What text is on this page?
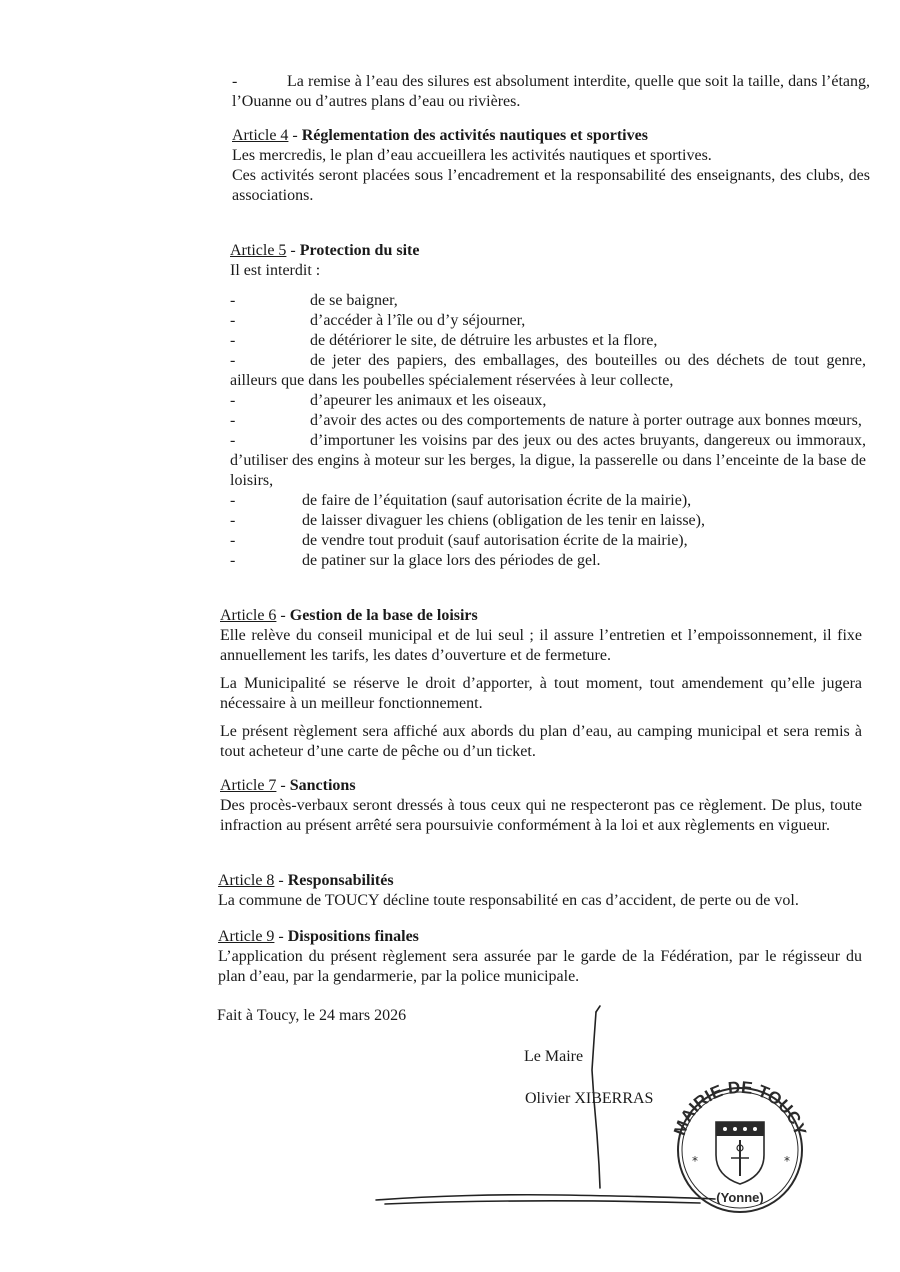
-	La remise à l’eau des silures est absolument interdite, quelle que soit la taille, dans l’étang, l’Ouanne ou d’autres plans d’eau ou rivières.

Article 4 - Réglementation des activités nautiques et sportives

Les mercredis, le plan d’eau accueillera les activités nautiques et sportives.

Ces activités seront placées sous l’encadrement et la responsabilité des enseignants, des clubs, des associations.

Article 5 - Protection du site

Il est interdit :

-	de se baigner,
-	d’accéder à l’île ou d’y séjourner,
-	de détériorer le site, de détruire les arbustes et la flore,

-	de jeter des papiers, des emballages, des bouteilles ou des déchets de tout genre, ailleurs que dans les poubelles spécialement réservées à leur collecte,

-	d’apeurer les animaux et les oiseaux,

-	d’avoir des actes ou des comportements de nature à porter outrage aux bonnes mœurs,

-	d’importuner les voisins par des jeux ou des actes bruyants, dangereux ou immoraux, d’utiliser des engins à moteur sur les berges, la digue, la passerelle ou dans l’enceinte de la base de loisirs,

-	de faire de l’équitation (sauf autorisation écrite de la mairie),
-	de laisser divaguer les chiens (obligation de les tenir en laisse),
-	de vendre tout produit (sauf autorisation écrite de la mairie),
-	de patiner sur la glace lors des périodes de gel.

Article 6 - Gestion de la base de loisirs

Elle relève du conseil municipal et de lui seul ; il assure l’entretien et l’empoissonnement, il fixe annuellement les tarifs, les dates d’ouverture et de fermeture.

La Municipalité se réserve le droit d’apporter, à tout moment, tout amendement qu’elle jugera nécessaire à un meilleur fonctionnement.

Le présent règlement sera affiché aux abords du plan d’eau, au camping municipal et sera remis à tout acheteur d’une carte de pêche ou d’un ticket.

Article 7 - Sanctions

Des procès-verbaux seront dressés à tous ceux qui ne respecteront pas ce règlement. De plus, toute infraction au présent arrêté sera poursuivie conformément à la loi et aux règlements en vigueur.

Article 8 - Responsabilités

La commune de TOUCY décline toute responsabilité en cas d’accident, de perte ou de vol.

Article 9 - Dispositions finales

L’application du présent règlement sera assurée par le garde de la Fédération, par le régisseur du plan d’eau, par la gendarmerie, par la police municipale.

Fait à Toucy, le 24 mars 2026

Le Maire

Olivier XIBERRAS

MAIRIE DE TOUCY
(Yonne)
*	*
